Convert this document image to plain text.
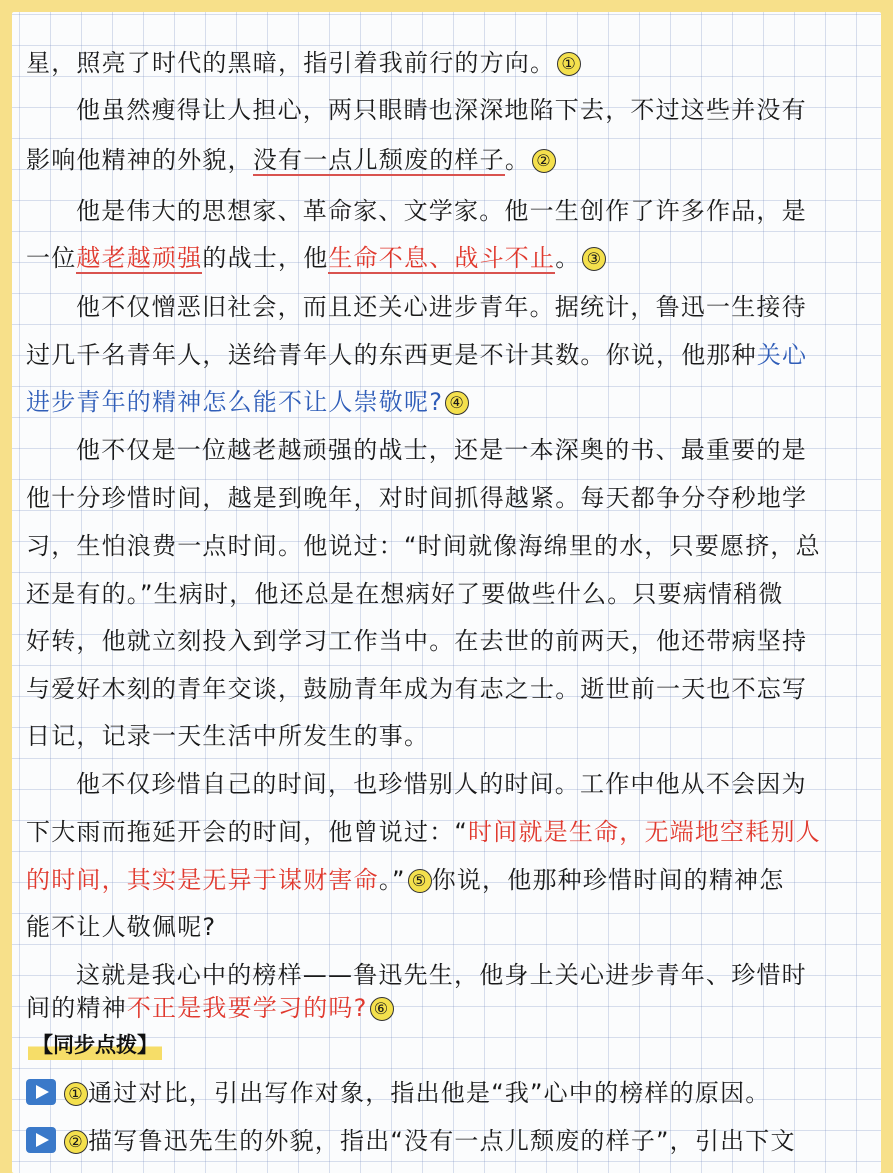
星，照亮了时代的黑暗，指引着我前行的方向。 ①
他虽然瘦得让人担心，两只眼睛也深深地陷下去，不过这些并没有
影响他精神的外貌，没有一点儿颓废的样子。 ②
他是伟大的思想家、革命家、文学家。他一生创作了许多作品，是
一位越老越顽强的战士，他生命不息、战斗不止。 ③
他不仅憎恶旧社会，而且还关心进步青年。据统计，鲁迅一生接待
过几千名青年人，送给青年人的东西更是不计其数。你说，他那种关心
进步青年的精神怎么能不让人崇敬呢? ④
他不仅是一位越老越顽强的战士，还是一本深奥的书、最重要的是
他十分珍惜时间，越是到晚年，对时间抓得越紧。每天都争分夺秒地学
习，生怕浪费一点时间。他说过：“时间就像海绵里的水，只要愿挤，总
还是有的。”生病时，他还总是在想病好了要做些什么。只要病情稍微
好转，他就立刻投入到学习工作当中。在去世的前两天，他还带病坚持
与爱好木刻的青年交谈，鼓励青年成为有志之士。逝世前一天也不忘写
日记，记录一天生活中所发生的事。
他不仅珍惜自己的时间，也珍惜别人的时间。工作中他从不会因为
下大雨而拖延开会的时间，他曾说过：“时间就是生命，无端地空耗别人
的时间，其实是无异于谋财害命。” ⑤ 你说，他那种珍惜时间的精神怎
能不让人敬佩呢?
这就是我心中的榜样——鲁迅先生，他身上关心进步青年、珍惜时
间的精神不正是我要学习的吗? ⑥
【同步点拨】
① 通过对比，引出写作对象，指出他是“我”心中的榜样的原因。
② 描写鲁迅先生的外貌，指出“没有一点儿颓废的样子”，引出下文
